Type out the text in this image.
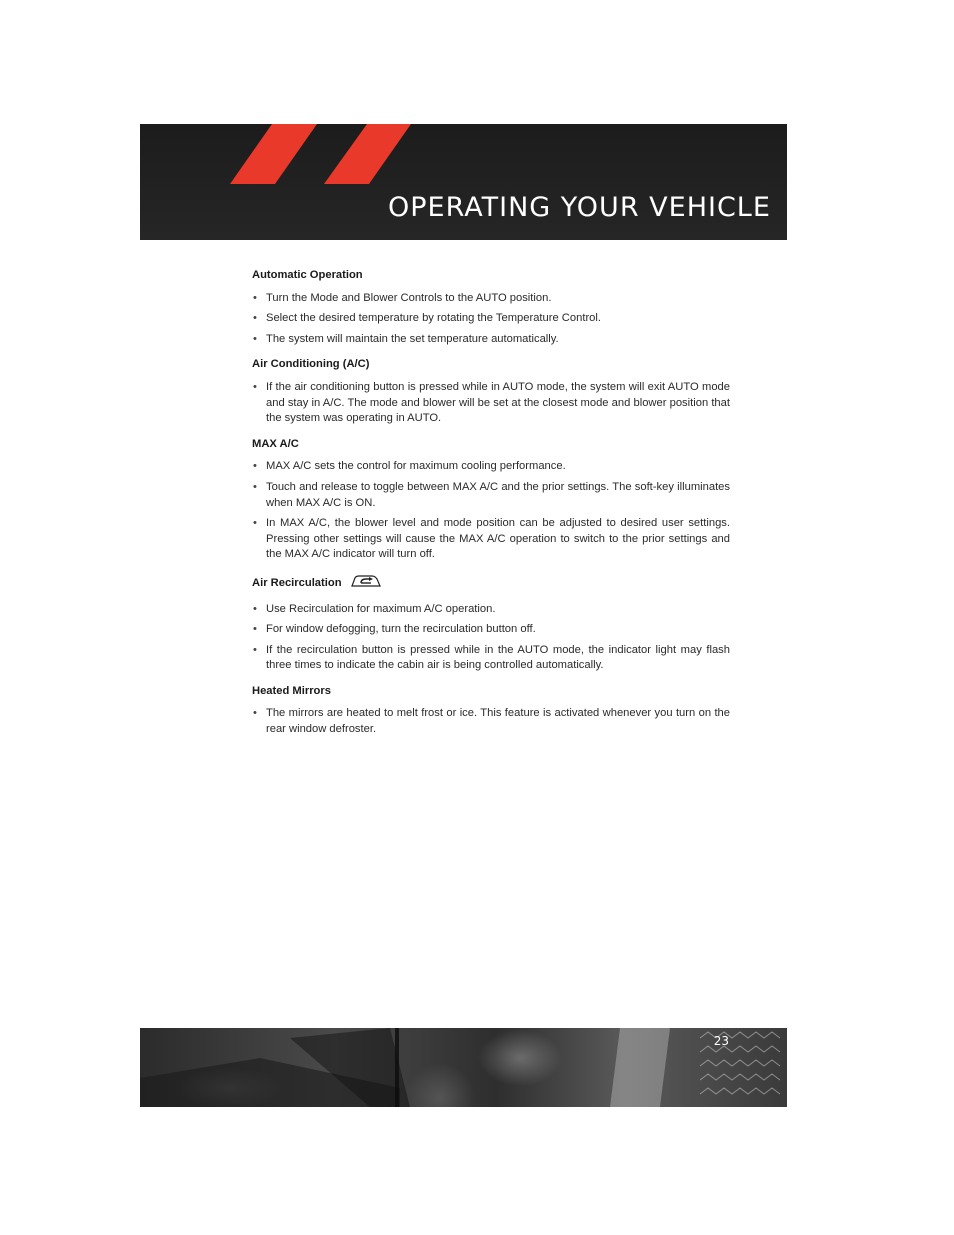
OPERATING YOUR VEHICLE
Automatic Operation
• Turn the Mode and Blower Controls to the AUTO position.
• Select the desired temperature by rotating the Temperature Control.
• The system will maintain the set temperature automatically.
Air Conditioning (A/C)
• If the air conditioning button is pressed while in AUTO mode, the system will exit AUTO mode and stay in A/C. The mode and blower will be set at the closest mode and blower position that the system was operating in AUTO.
MAX A/C
• MAX A/C sets the control for maximum cooling performance.
• Touch and release to toggle between MAX A/C and the prior settings. The soft-key illuminates when MAX A/C is ON.
• In MAX A/C, the blower level and mode position can be adjusted to desired user settings. Pressing other settings will cause the MAX A/C operation to switch to the prior settings and the MAX A/C indicator will turn off.
Air Recirculation
• Use Recirculation for maximum A/C operation.
• For window defogging, turn the recirculation button off.
• If the recirculation button is pressed while in the AUTO mode, the indicator light may flash three times to indicate the cabin air is being controlled automatically.
Heated Mirrors
• The mirrors are heated to melt frost or ice. This feature is activated whenever you turn on the rear window defroster.
23
